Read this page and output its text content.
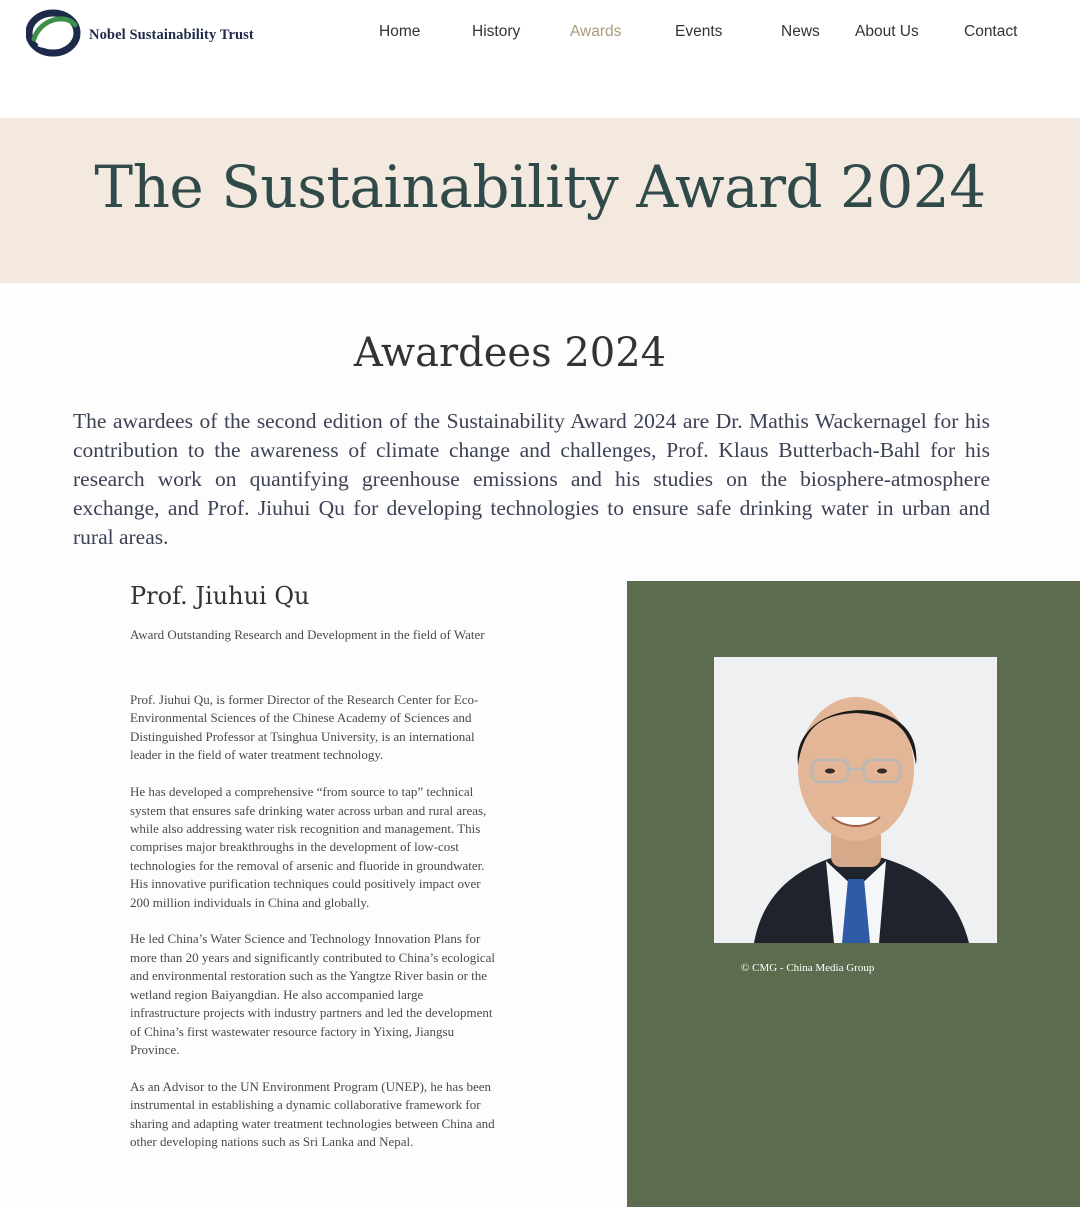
Nobel Sustainability Trust	Home	History	Awards	Events	News About Us	Contact
The Sustainability Award 2024
Awardees 2024

The awardees of the second edition of the Sustainability Award 2024 are Dr. Mathis Wackernagel for his contribution to the awareness of climate change and challenges, Prof. Klaus Butterbach-Bahl for his research work on quantifying greenhouse emissions and his studies on the biosphere-atmosphere exchange, and Prof. Jiuhui Qu for developing technologies to ensure safe drinking water in urban and rural areas.

Prof. Jiuhui Qu

Award Outstanding Research and Development in the field of Water

Prof. Jiuhui Qu, is former Director of the Research Center for Eco-Environmental Sciences of the Chinese Academy of Sciences and Distinguished Professor at Tsinghua University, is an international leader in the field of water treatment technology.

He has developed a comprehensive “from source to tap” technical system that ensures safe drinking water across urban and rural areas, while also addressing water risk recognition and management. This comprises major breakthroughs in the development of low-cost technologies for the removal of arsenic and fluoride in groundwater. His innovative purification techniques could positively impact over 200 million individuals in China and globally.

He led China’s Water Science and Technology Innovation Plans for more than 20 years and significantly contributed to China’s ecological and environmental restoration such as the Yangtze River basin or the wetland region Baiyangdian. He also accompanied large infrastructure projects with industry partners and led the development of China’s first wastewater resource factory in Yixing, Jiangsu Province.

As an Advisor to the UN Environment Program (UNEP), he has been instrumental in establishing a dynamic collaborative framework for sharing and adapting water treatment technologies between China and other developing nations such as Sri Lanka and Nepal.

© CMG - China Media Group
